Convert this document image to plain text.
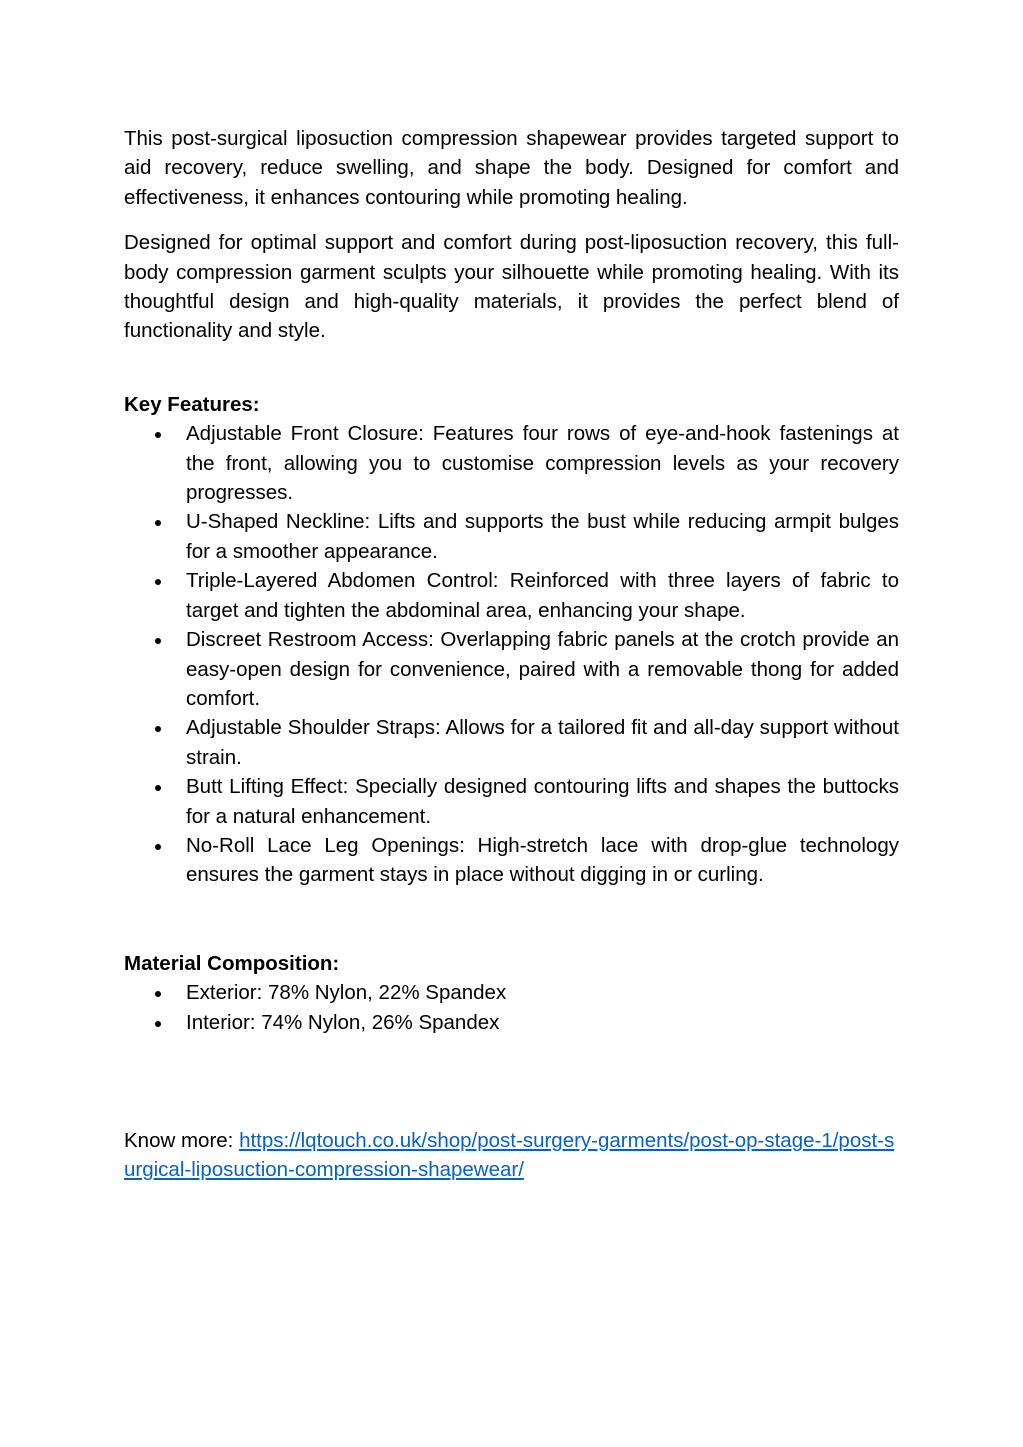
This post-surgical liposuction compression shapewear provides targeted support to aid recovery, reduce swelling, and shape the body. Designed for comfort and effectiveness, it enhances contouring while promoting healing.

Designed for optimal support and comfort during post-liposuction recovery, this full-body compression garment sculpts your silhouette while promoting healing. With its thoughtful design and high-quality materials, it provides the perfect blend of functionality and style.

Key Features:

Adjustable Front Closure: Features four rows of eye-and-hook fastenings at the front, allowing you to customise compression levels as your recovery progresses.
U-Shaped Neckline: Lifts and supports the bust while reducing armpit bulges for a smoother appearance.
Triple-Layered Abdomen Control: Reinforced with three layers of fabric to target and tighten the abdominal area, enhancing your shape.
Discreet Restroom Access: Overlapping fabric panels at the crotch provide an easy-open design for convenience, paired with a removable thong for added comfort.
Adjustable Shoulder Straps: Allows for a tailored fit and all-day support without strain.
Butt Lifting Effect: Specially designed contouring lifts and shapes the buttocks for a natural enhancement.
No-Roll Lace Leg Openings: High-stretch lace with drop-glue technology ensures the garment stays in place without digging in or curling.

Material Composition:

Exterior: 78% Nylon, 22% Spandex
Interior: 74% Nylon, 26% Spandex

Know more: https://lqtouch.co.uk/shop/post-surgery-garments/post-op-stage-1/post-surgical-liposuction-compression-shapewear/
